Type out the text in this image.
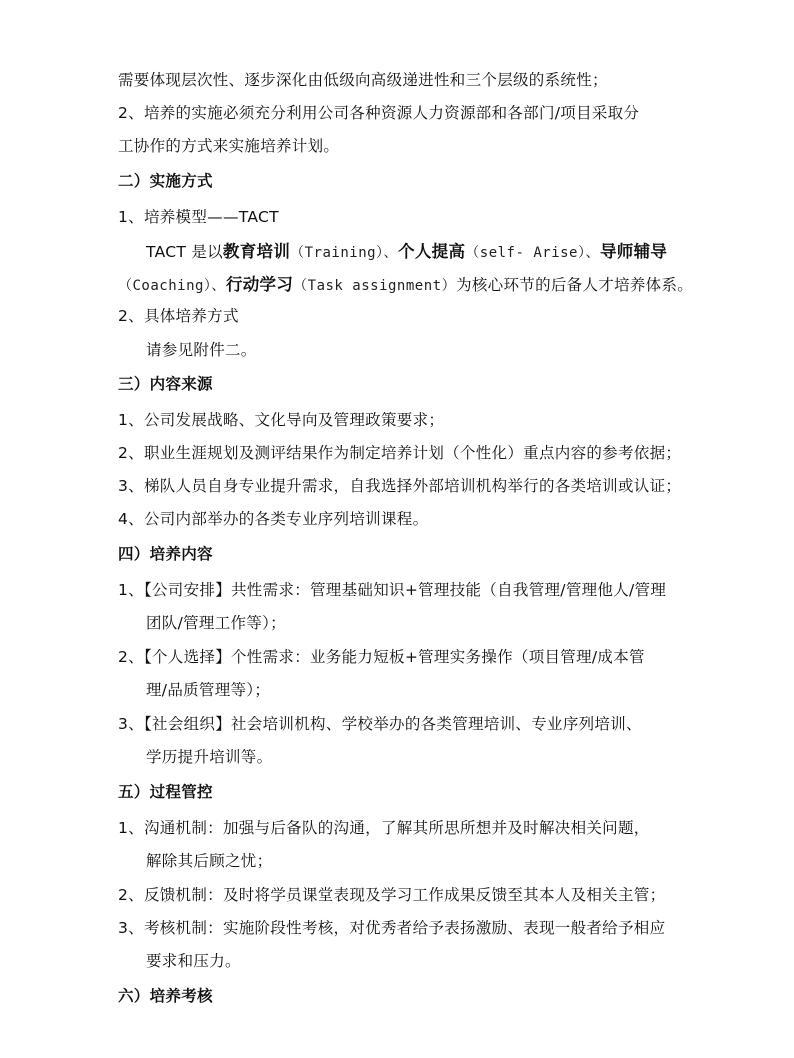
需要体现层次性、逐步深化由低级向高级递进性和三个层级的系统性；
2、培养的实施必须充分利用公司各种资源人力资源部和各部门/项目采取分
工协作的方式来实施培养计划。
二）实施方式
1、培养模型——TACT
TACT 是以教育培训（Training）、个人提高（self- Arise）、导师辅导
（Coaching）、行动学习（Task assignment）为核心环节的后备人才培养体系。
2、具体培养方式
请参见附件二。
三）内容来源
1、公司发展战略、文化导向及管理政策要求；
2、职业生涯规划及测评结果作为制定培养计划（个性化）重点内容的参考依据；
3、梯队人员自身专业提升需求，自我选择外部培训机构举行的各类培训或认证；
4、公司内部举办的各类专业序列培训课程。
四）培养内容
1、【公司安排】共性需求：管理基础知识+管理技能（自我管理/管理他人/管理
团队/管理工作等）；
2、【个人选择】个性需求：业务能力短板+管理实务操作（项目管理/成本管
理/品质管理等）；
3、【社会组织】社会培训机构、学校举办的各类管理培训、专业序列培训、
学历提升培训等。
五）过程管控
1、沟通机制：加强与后备队的沟通，了解其所思所想并及时解决相关问题，
解除其后顾之忧；
2、反馈机制：及时将学员课堂表现及学习工作成果反馈至其本人及相关主管；
3、考核机制：实施阶段性考核，对优秀者给予表扬激励、表现一般者给予相应
要求和压力。
六）培养考核
